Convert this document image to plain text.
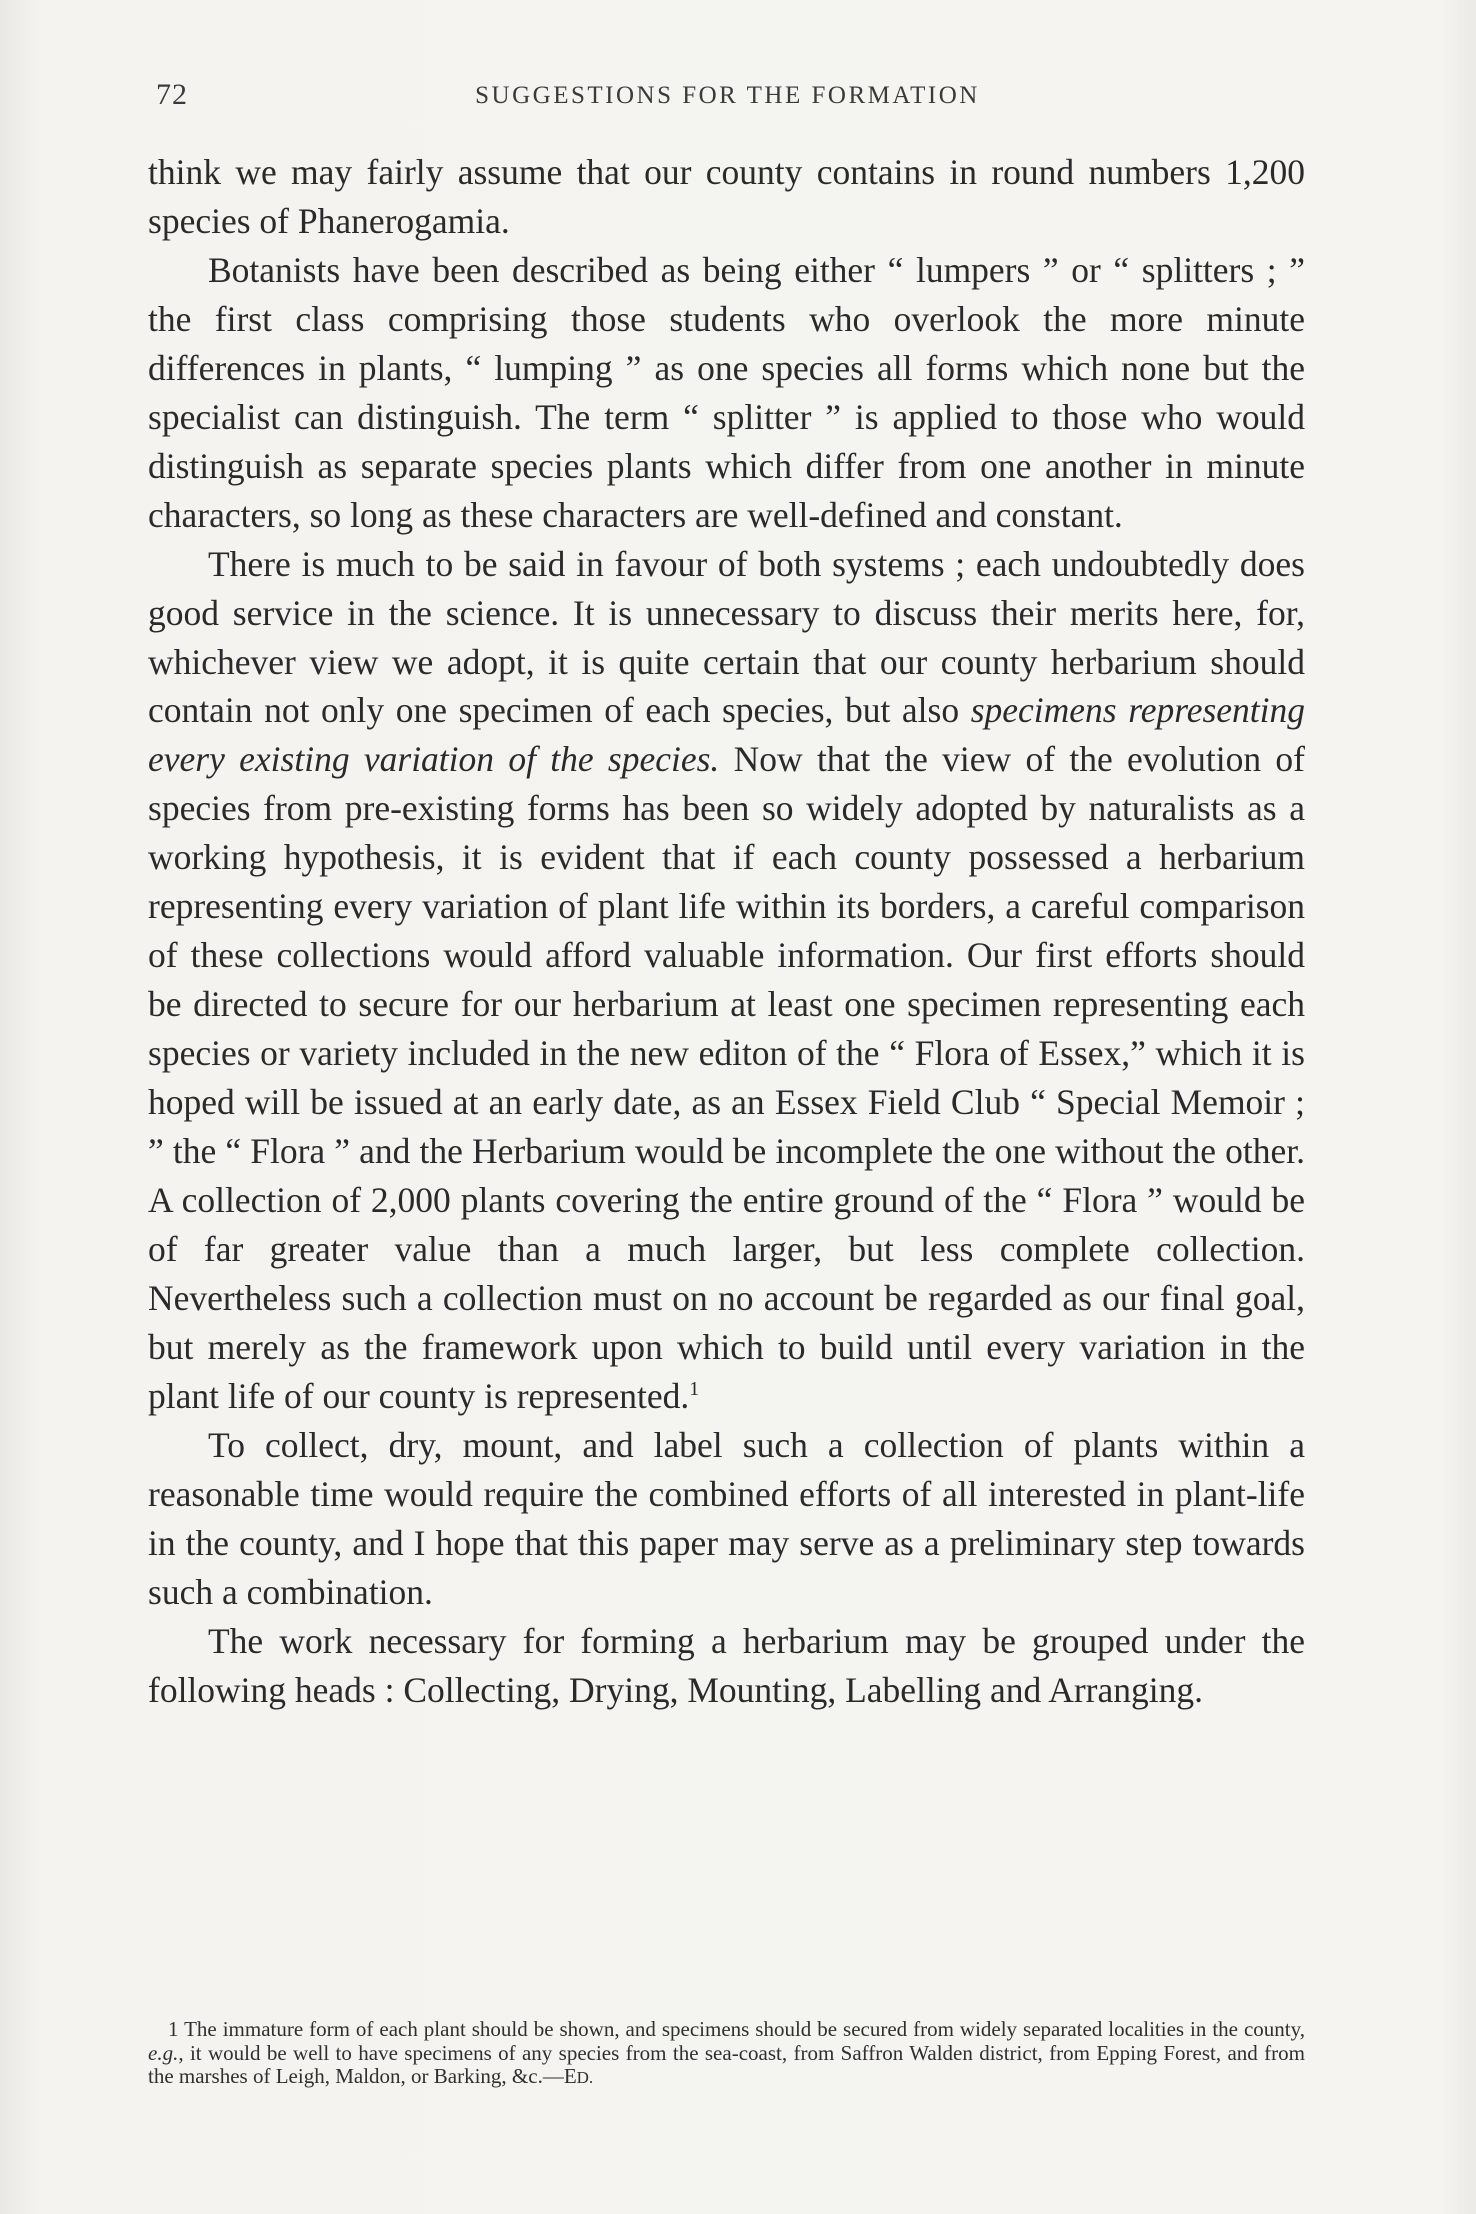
72	SUGGESTIONS FOR THE FORMATION

think we may fairly assume that our county contains in round numbers 1,200 species of Phanerogamia.

Botanists have been described as being either “ lumpers ” or “ splitters ; ” the first class comprising those students who overlook the more minute differences in plants, “ lumping ” as one species all forms which none but the specialist can distinguish. The term “ splitter ” is applied to those who would distinguish as separate species plants which differ from one another in minute characters, so long as these characters are well-defined and constant.

There is much to be said in favour of both systems ; each undoubtedly does good service in the science. It is unnecessary to discuss their merits here, for, whichever view we adopt, it is quite certain that our county herbarium should contain not only one specimen of each species, but also specimens representing every existing variation of the species. Now that the view of the evolution of species from pre-existing forms has been so widely adopted by naturalists as a working hypothesis, it is evident that if each county possessed a herbarium representing every variation of plant life within its borders, a careful comparison of these collections would afford valuable information. Our first efforts should be directed to secure for our herbarium at least one specimen representing each species or variety included in the new editon of the “ Flora of Essex,” which it is hoped will be issued at an early date, as an Essex Field Club “ Special Memoir ; ” the “ Flora ” and the Herbarium would be incomplete the one without the other. A collection of 2,000 plants covering the entire ground of the “ Flora ” would be of far greater value than a much larger, but less complete collection. Nevertheless such a collection must on no account be regarded as our final goal, but merely as the framework upon which to build until every variation in the plant life of our county is represented.$^1$

To collect, dry, mount, and label such a collection of plants within a reasonable time would require the combined efforts of all interested in plant-life in the county, and I hope that this paper may serve as a preliminary step towards such a combination.

The work necessary for forming a herbarium may be grouped under the following heads : Collecting, Drying, Mounting, Labelling and Arranging.

1 The immature form of each plant should be shown, and specimens should be secured from widely separated localities in the county, e.g., it would be well to have specimens of any species from the sea-coast, from Saffron Walden district, from Epping Forest, and from the marshes of Leigh, Maldon, or Barking, &c.—ED.
